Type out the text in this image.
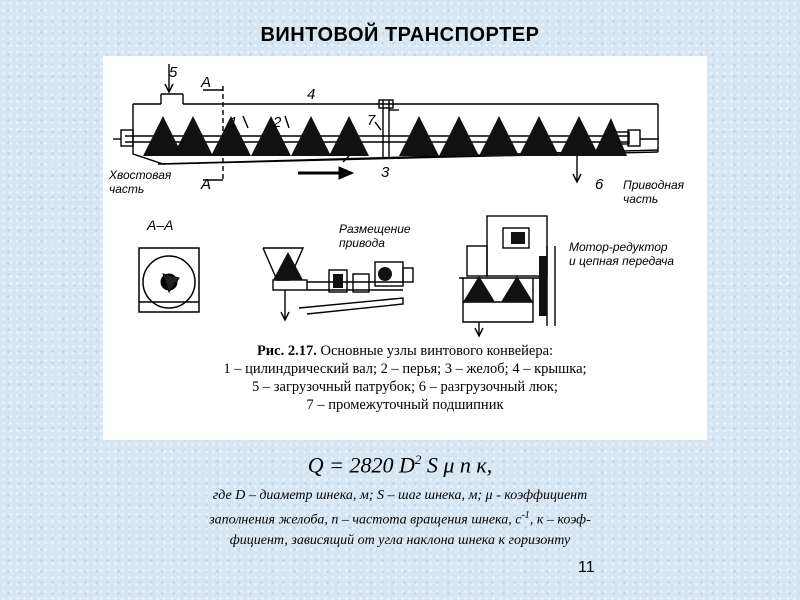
ВИНТОВОЙ ТРАНСПОРТЕР
5
A
4
1 2	7
3
A	6
Хвостовая
часть	Приводная
часть
А–А	Размещение
привода	Мотор-редуктор
и цепная передача
Рис. 2.17. Основные узлы винтового конвейера:
1 – цилиндрический вал; 2 – перья; 3 – желоб; 4 – крышка;
5 – загрузочный патрубок; 6 – разгрузочный люк;
7 – промежуточный подшипник
Q = 2820 $D^2$ S μ n к,
где D – диаметр шнека, м; S – шаг шнека, м; μ - коэффициент
заполнения желоба, n – частота вращения шнека, $с^{-1}$, к – коэф-
фициент, зависящий от угла наклона шнека к горизонту
11
